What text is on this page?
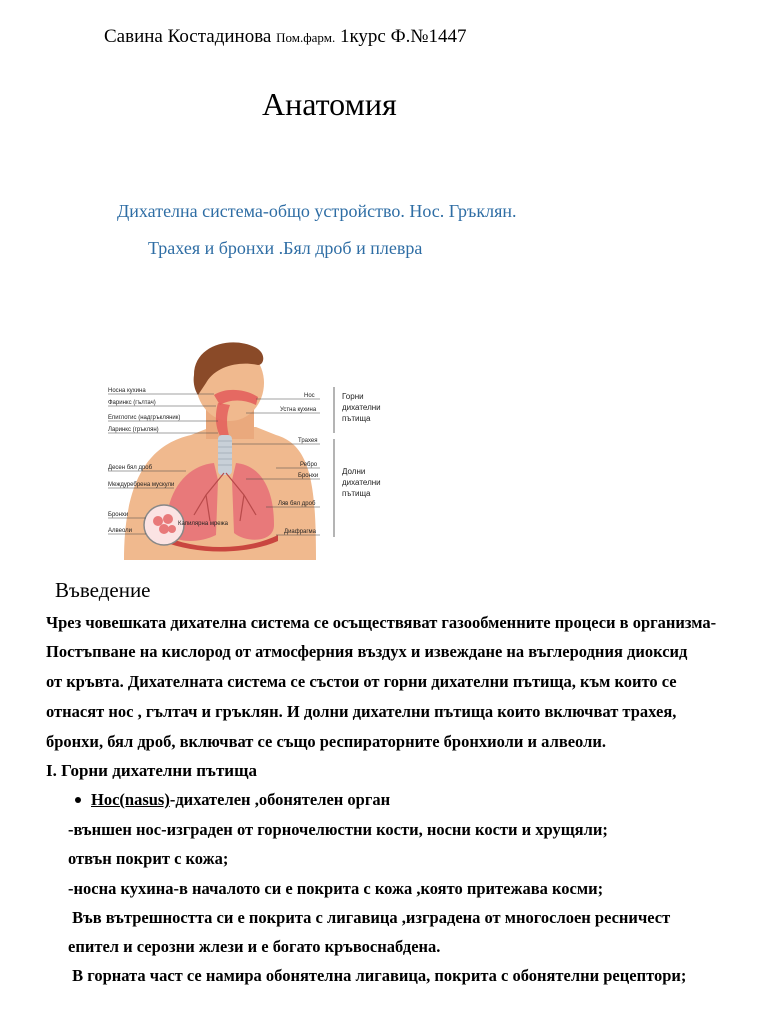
Савина Костадинова Пом.фарм. 1курс Ф.№1447
Анатомия
Дихателна система-общо устройство. Нос. Гръклян.
Трахея и бронхи .Бял дроб и плевра
Носна кухина
Фаринкс (гълтач)
Епиглотис (надгръкляник)
Ларинкс (гръклян)
Десен бял дроб
Междуребрена мускули
Бронхи
Алвеоли
Капилярна мрежа
Нос
Устна кухина
Трахея
Ребро
Бронхи
Ляв бял дроб
Диафрагма
Горни
дихателни
пътища
Долни
дихателни
пътища
Въведение
Чрез човешката дихателна система се осъществяват газообменните процеси в организма-
Постъпване на кислород от атмосферния въздух и извеждане на въглеродния диоксид
от кръвта. Дихателната система се състои от горни дихателни пътища, към които се
отнасят нос , гълтач и гръклян. И долни дихателни пътища които включват трахея,
бронхи, бял дроб, включват се също респираторните бронхиоли и алвеоли.
I. Горни дихателни пътища
Нос(nasus)-дихателен ,обонятелен орган
-външен нос-изграден от горночелюстни кости, носни кости и хрущяли;
отвън покрит с кожа;
-носна кухина-в началото си е покрита с кожа ,която притежава косми;
Във вътрешността си е покрита с лигавица ,изградена от многослоен ресничест
епител и серозни жлези и е богато кръвоснабдена.
В горната част се намира обонятелна лигавица, покрита с обонятелни рецептори;
